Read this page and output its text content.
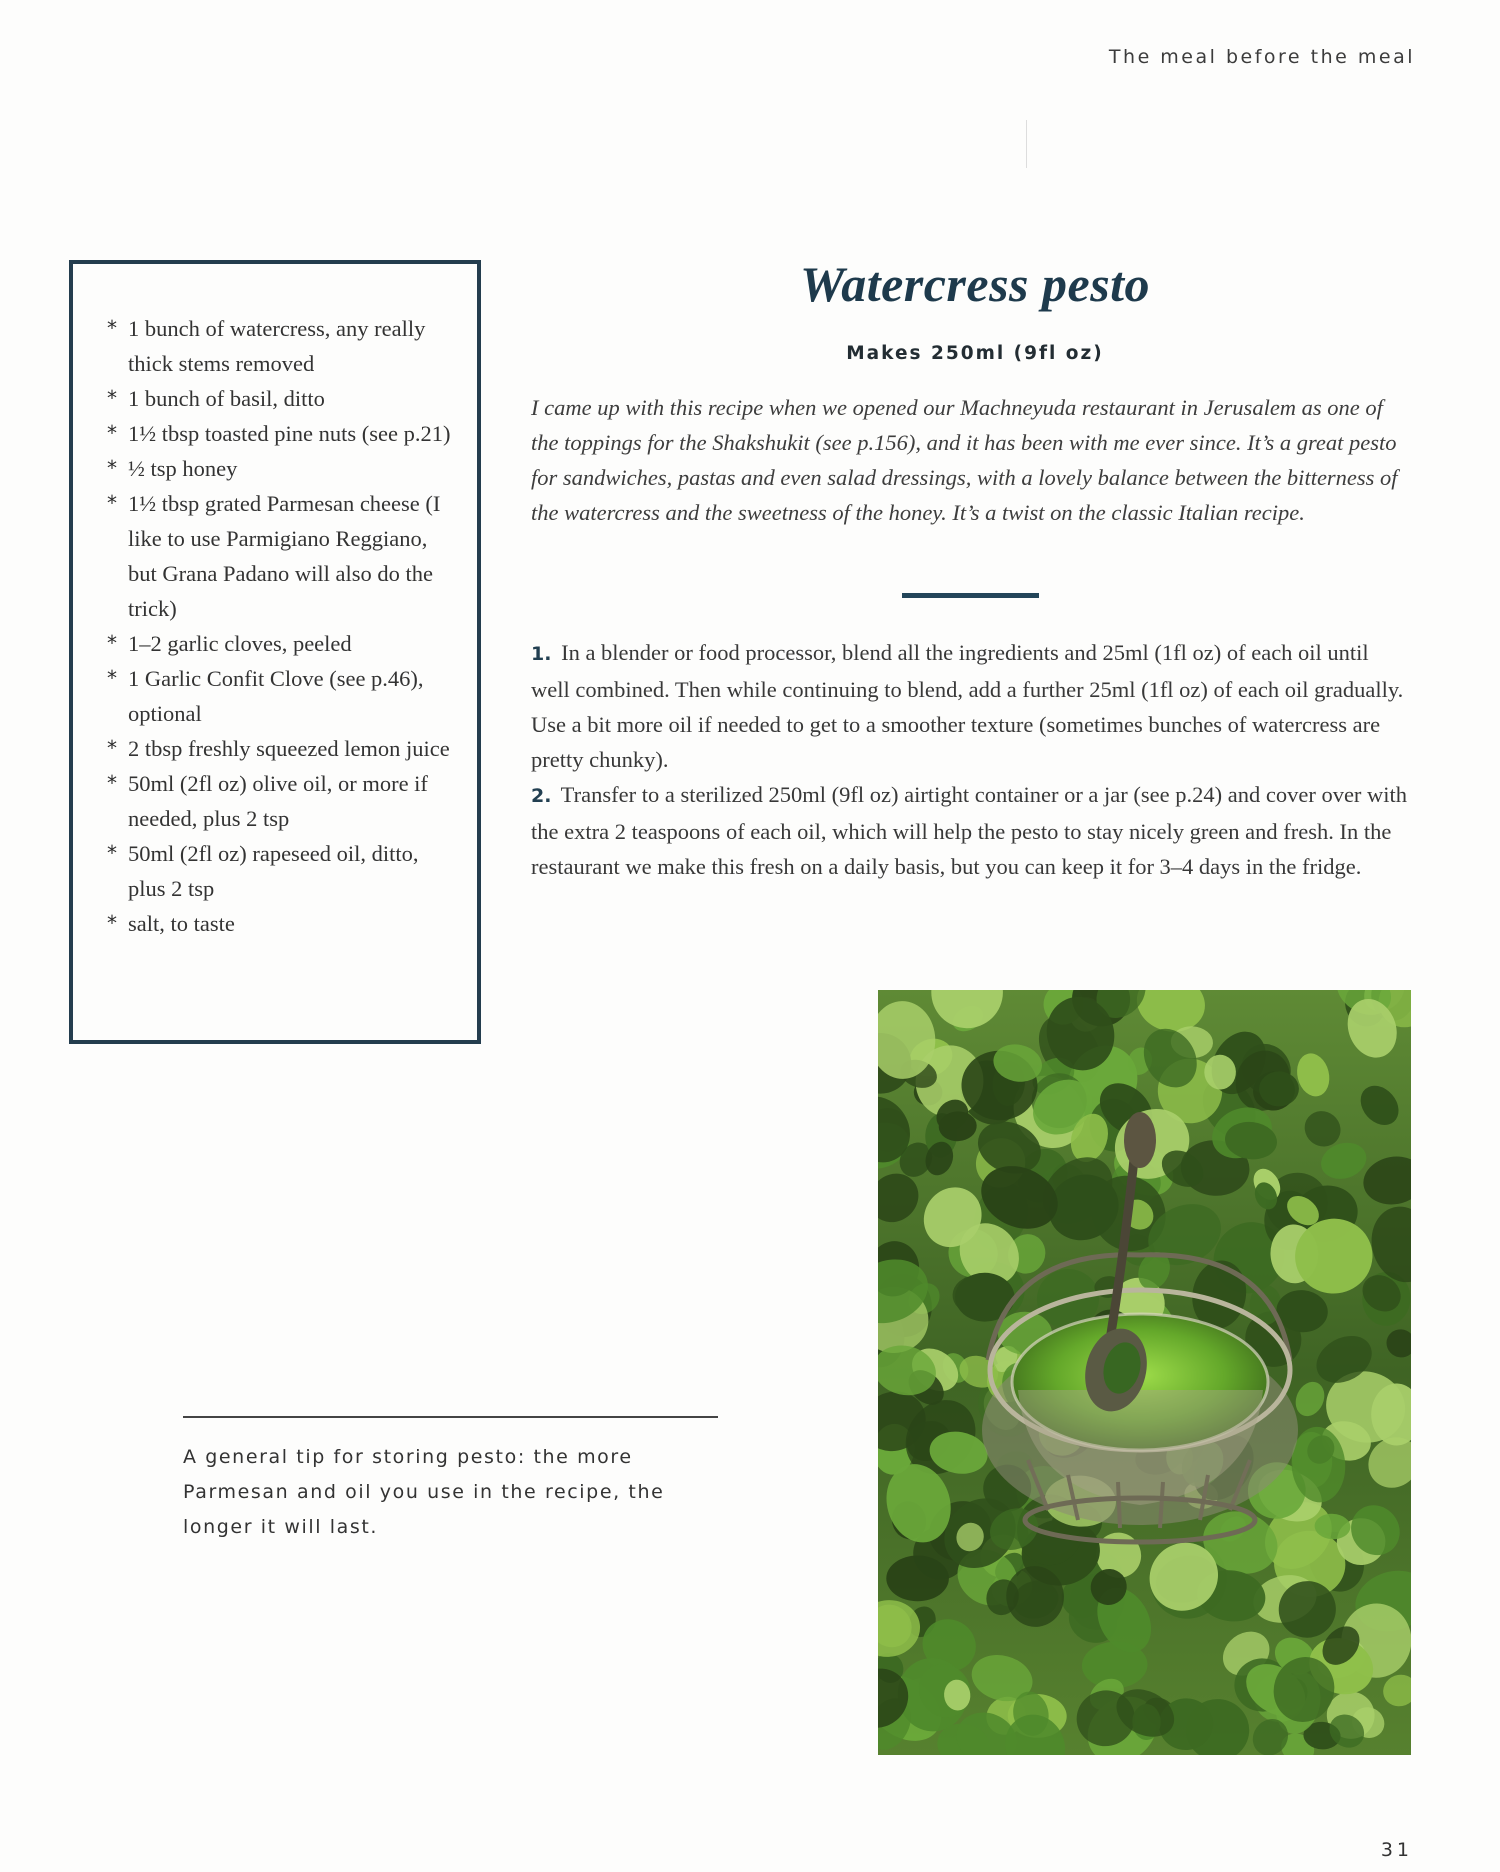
The meal before the meal
* 1 bunch of watercress, any really thick stems removed
* 1 bunch of basil, ditto
* 1½ tbsp toasted pine nuts (see p.21)
* ½ tsp honey
* 1½ tbsp grated Parmesan cheese (I like to use Parmigiano Reggiano, but Grana Padano will also do the trick)
* 1–2 garlic cloves, peeled
* 1 Garlic Confit Clove (see p.46), optional
* 2 tbsp freshly squeezed lemon juice
* 50ml (2fl oz) olive oil, or more if needed, plus 2 tsp
* 50ml (2fl oz) rapeseed oil, ditto, plus 2 tsp
* salt, to taste
Watercress pesto
Makes 250ml (9fl oz)

I came up with this recipe when we opened our Machneyuda restaurant in Jerusalem as one of the toppings for the Shakshukit (see p.156), and it has been with me ever since. It’s a great pesto for sandwiches, pastas and even salad dressings, with a lovely balance between the bitterness of the watercress and the sweetness of the honey. It’s a twist on the classic Italian recipe.

1. In a blender or food processor, blend all the ingredients and 25ml (1fl oz) of each oil until well combined. Then while continuing to blend, add a further 25ml (1fl oz) of each oil gradually. Use a bit more oil if needed to get to a smoother texture (sometimes bunches of watercress are pretty chunky).

2. Transfer to a sterilized 250ml (9fl oz) airtight container or a jar (see p.24) and cover over with the extra 2 teaspoons of each oil, which will help the pesto to stay nicely green and fresh. In the restaurant we make this fresh on a daily basis, but you can keep it for 3–4 days in the fridge.

A general tip for storing pesto: the more Parmesan and oil you use in the recipe, the longer it will last.
31
